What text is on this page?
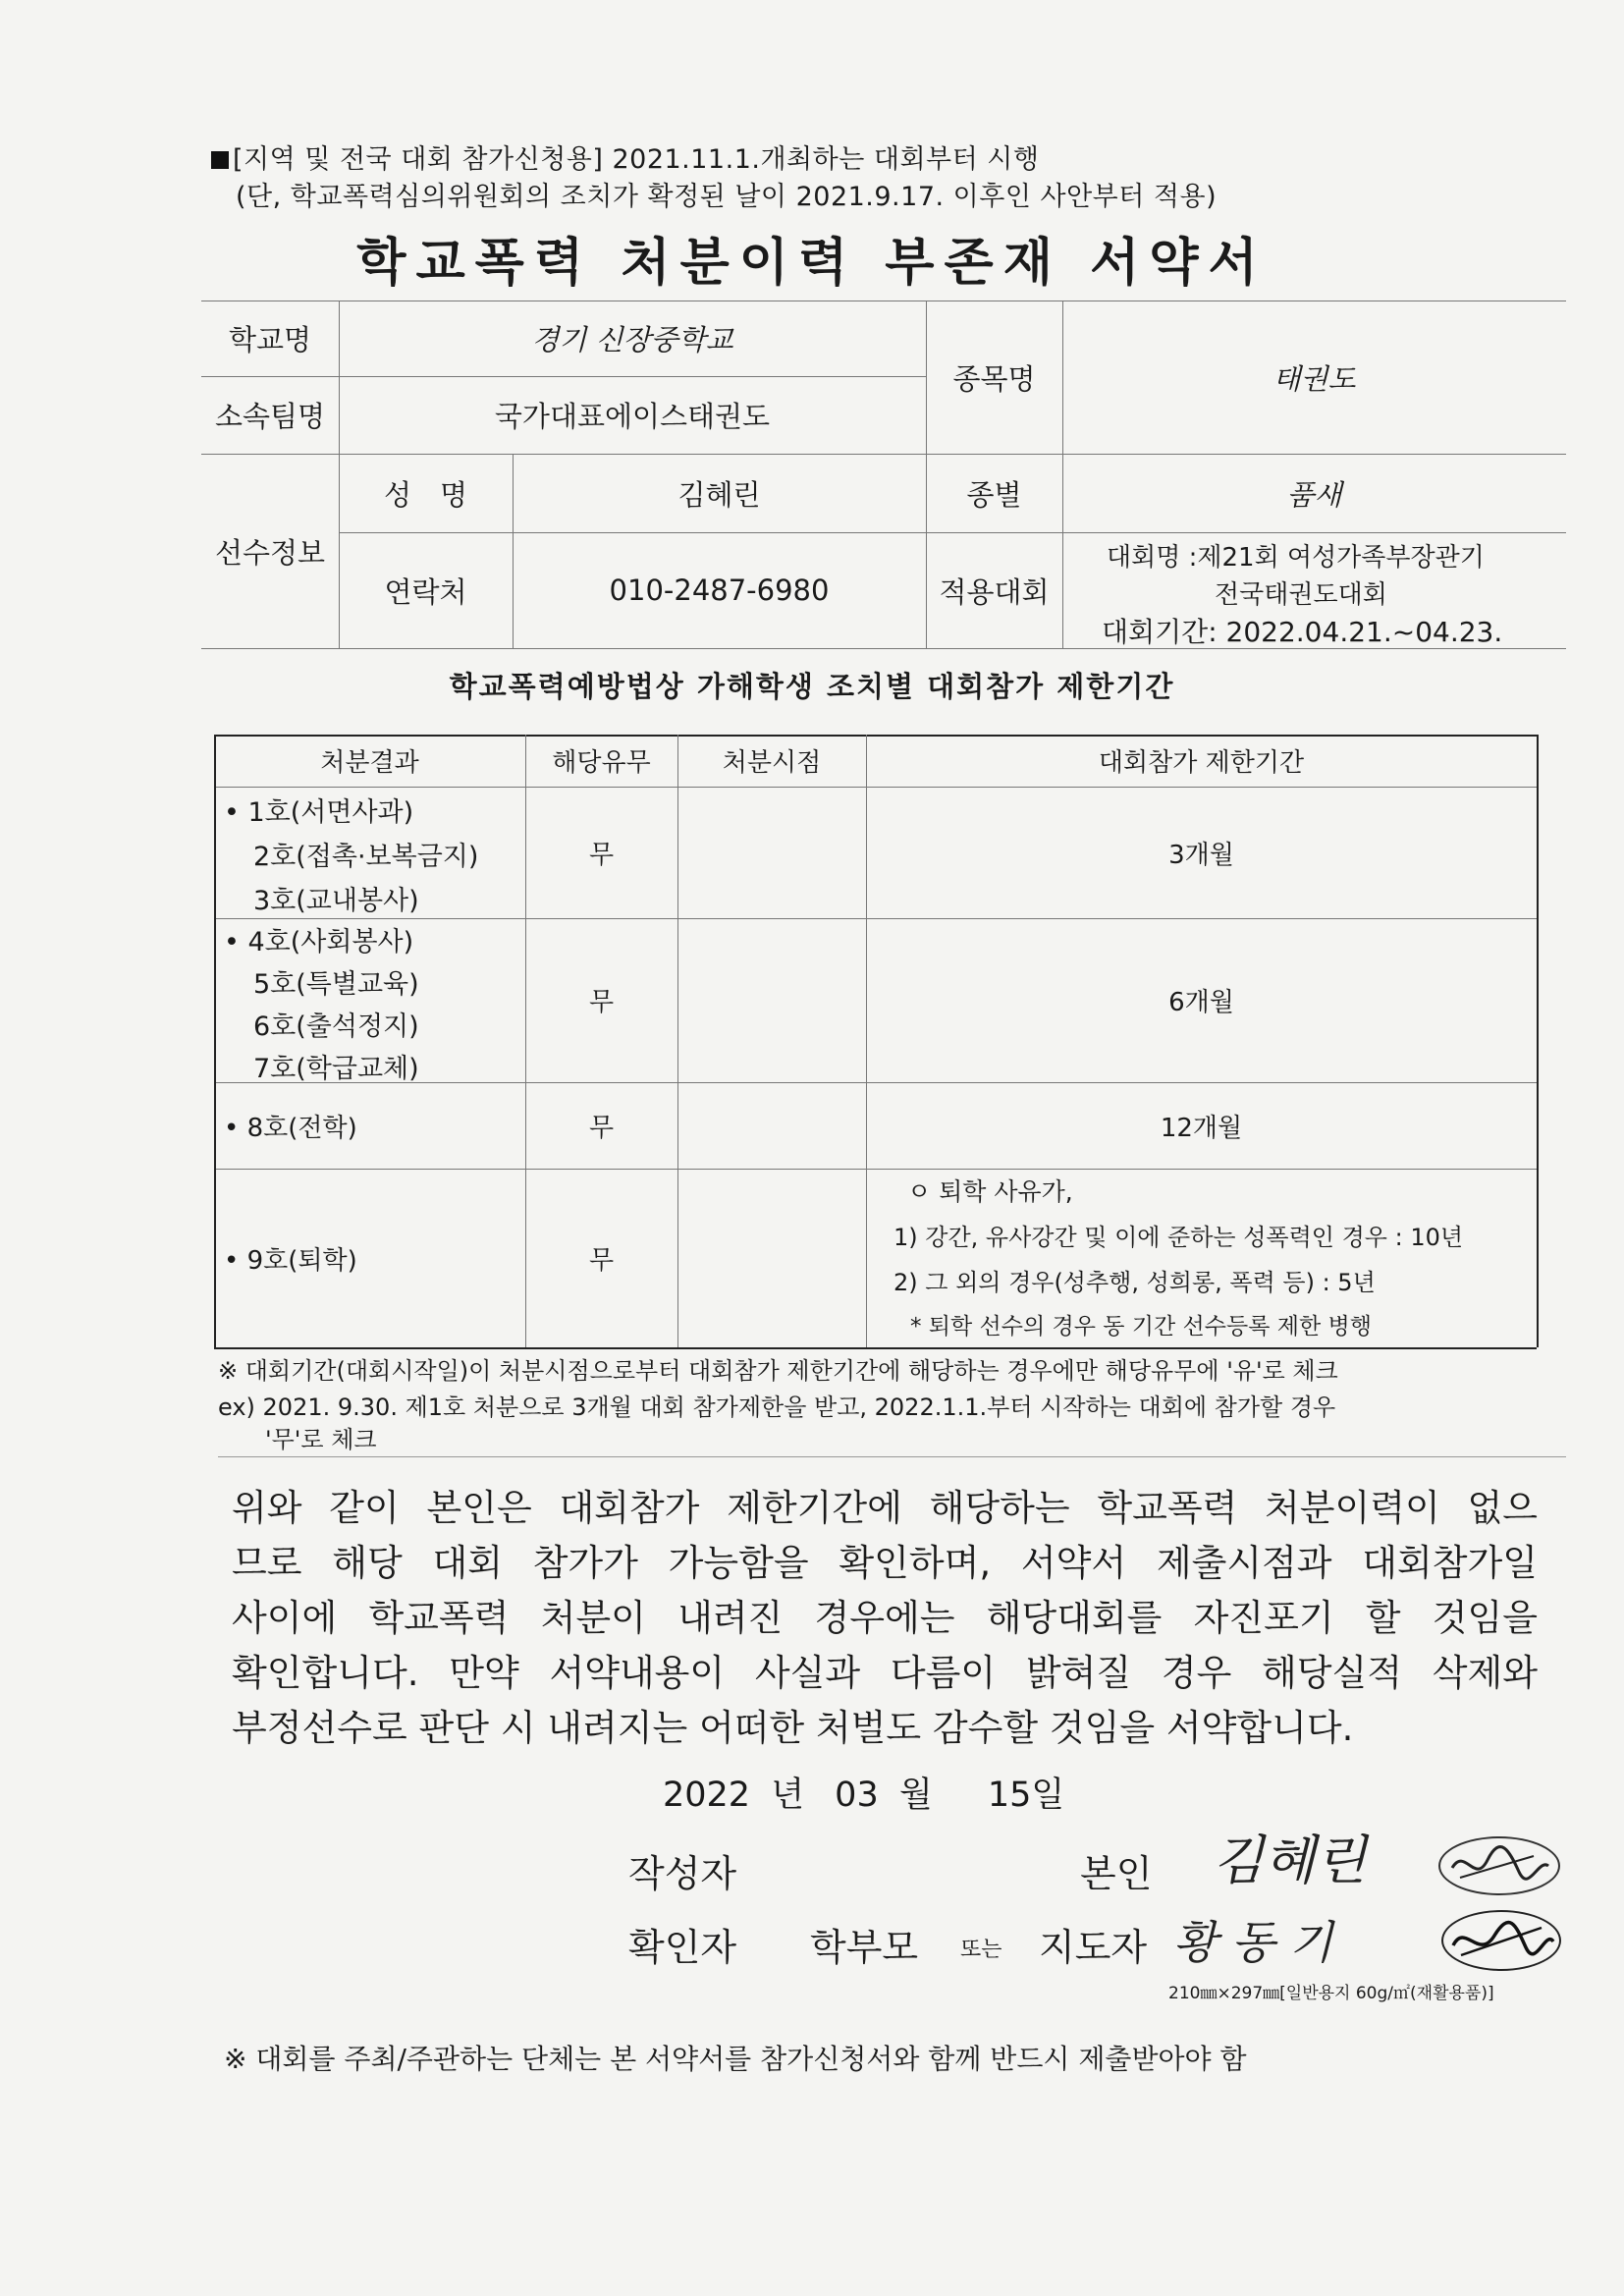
[지역 및 전국 대회 참가신청용] 2021.11.1.개최하는 대회부터 시행
(단, 학교폭력심의위원회의 조치가 확정된 날이 2021.9.17. 이후인 사안부터 적용)
학교폭력 처분이력 부존재 서약서
학교명	경기 신장중학교
소속팀명	국가대표에이스태권도
종목명	태권도
선수정보
성　명	김혜린	종별	품새
연락처	010-2487-6980	적용대회
대회명 :제21회 여성가족부장관기
전국태권도대회
대회기간: 2022.04.21.~04.23.
학교폭력예방법상 가해학생 조치별 대회참가 제한기간
처분결과	해당유무	처분시점	대회참가 제한기간
• 1호(서면사과)
2호(접촉·보복금지)
3호(교내봉사)
무	3개월
• 4호(사회봉사)
5호(특별교육)
6호(출석정지)
7호(학급교체)
무	6개월
• 8호(전학)	무	12개월
• 9호(퇴학)	무
ㅇ 퇴학 사유가,
1) 강간, 유사강간 및 이에 준하는 성폭력인 경우 : 10년
2) 그 외의 경우(성추행, 성희롱, 폭력 등) : 5년
* 퇴학 선수의 경우 동 기간 선수등록 제한 병행
※ 대회기간(대회시작일)이 처분시점으로부터 대회참가 제한기간에 해당하는 경우에만 해당유무에 '유'로 체크
ex) 2021. 9.30. 제1호 처분으로 3개월 대회 참가제한을 받고, 2022.1.1.부터 시작하는 대회에 참가할 경우
'무'로 체크
위와 같이 본인은 대회참가 제한기간에 해당하는 학교폭력 처분이력이 없으
므로 해당 대회 참가가 가능함을 확인하며, 서약서 제출시점과 대회참가일
사이에 학교폭력 처분이 내려진 경우에는 해당대회를 자진포기 할 것임을
확인합니다. 만약 서약내용이 사실과 다름이 밝혀질 경우 해당실적 삭제와
부정선수로 판단 시 내려지는 어떠한 처벌도 감수할 것임을 서약합니다.
2022 년 03 월 15일
작성자	본인 김혜린
확인자 학부모 또는 지도자 황 동 기
210㎜×297㎜[일반용지 60g/㎡(재활용품)]
※ 대회를 주최/주관하는 단체는 본 서약서를 참가신청서와 함께 반드시 제출받아야 함
